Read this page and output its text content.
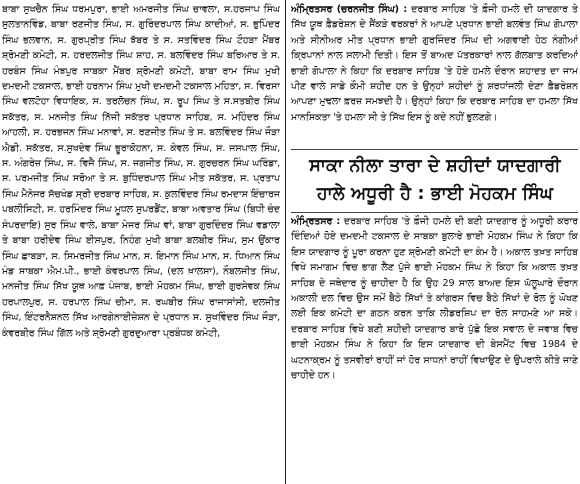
ਬਾਬਾ ਸੁਖਚੈਨ ਸਿੰਘ ਧਰਮਪੁਰਾ, ਭਾਈ ਅਮਰਜੀਤ ਸਿੰਘ ਚਾਵਲਾ, ਸ.ਹਰਜਾਪ ਸਿੰਘ ਸੁਲਤਾਨਵਿੰਡ, ਬਾਬਾ ਰਣਜੀਤ ਸਿੰਘ, ਸ. ਗੁਰਿੰਦਰਪਾਲ ਸਿੰਘ ਕਾਦੀਆਂ, ਸ. ਭੁਪਿੰਦਰ ਸਿੰਘ ਭਲਵਾਨ, ਸ. ਗੁਰਪ੍ਰੀਤ ਸਿੰਘ ਝੱਬਰ ਤੇ ਸ. ਸਤਵਿੰਦਰ ਸਿੰਘ ਟੌਹੜਾ ਮੈਂਬਰ ਸ਼੍ਰੋਮਣੀ ਕਮੇਟੀ, ਸ. ਹਰਦਲਜੀਤ ਸਿੰਘ ਸ਼ਾਹ, ਸ. ਬਲਵਿੰਦਰ ਸਿੰਘ ਬਰਿਆਰ ਤੇ ਸ. ਹਰਬੰਸ ਸਿੰਘ ਮੰਝਪੁਰ ਸਾਬਕਾ ਮੈਂਬਰ ਸ਼੍ਰੋਮਣੀ ਕਮੇਟੀ, ਬਾਬਾ ਰਾਮ ਸਿੰਘ ਮੁਖੀ ਦਮਦਮੀ ਟਕਸਾਲ, ਭਾਈ ਹਰਨਾਮ ਸਿੰਘ ਮੁਖੀ ਦਮਦਮੀ ਟਕਸਾਲ ਮਹਿਤਾ, ਸ. ਵਿਰਸਾ ਸਿੰਘ ਵਲਟੋਹਾ ਵਿਧਾਇਕ, ਸ. ਤਰਲੋਚਨ ਸਿੰਘ, ਸ. ਰੂਪ ਸਿੰਘ ਤੇ ਸ.ਸਤਬੀਰ ਸਿੰਘ ਸਕੱਤਰ, ਸ. ਮਨਜੀਤ ਸਿੰਘ ਨਿੱਜੀ ਸਕੱਤਰ ਪ੍ਰਧਾਨ ਸਾਹਿਬ, ਸ. ਮਹਿੰਦਰ ਸਿੰਘ ਆਹਲੀ, ਸ. ਹਰਭਜਨ ਸਿੰਘ ਮਨਾਵਾਂ, ਸ. ਰਣਜੀਤ ਸਿੰਘ ਤੇ ਸ. ਬਲਵਿੰਦਰ ਸਿੰਘ ਜੌੜਾ ਐਡੀ. ਸਕੱਤਰ, ਸ.ਸੁਖਦੇਵ ਸਿੰਘ ਭੂਰਾਕੋਹਨਾ, ਸ. ਕੇਵਲ ਸਿੰਘ, ਸ. ਜਸਪਾਲ ਸਿੰਘ, ਸ. ਅੰਗਰੇਜ਼ ਸਿੰਘ, ਸ. ਵਿਜੈ ਸਿੰਘ, ਸ. ਜਗਜੀਤ ਸਿੰਘ, ਸ. ਗੁਰਚਰਨ ਸਿੰਘ ਘਰਿੰਡਾ, ਸ. ਪਰਮਜੀਤ ਸਿੰਘ ਸਰੋਆ ਤੇ ਸ. ਬੁਧਿੰਦਰਪਾਲ ਸਿੰਘ ਮੀਤ ਸਕੱਤਰ, ਸ. ਪ੍ਰਤਾਪ ਸਿੰਘ ਮੈਨੇਜਰ ਸੱਚਖੰਡ ਸ੍ਰੀ ਦਰਬਾਰ ਸਾਹਿਬ, ਸ. ਕੁਲਵਿੰਦਰ ਸਿੰਘ ਰਮਦਾਸ ਇੰਚਾਰਜ ਪਬਲੀਸਿਟੀ, ਸ. ਹਰਮਿੰਦਰ ਸਿੰਘ ਮੂਧਲ ਸੁਪਰਡੈਂਟ, ਬਾਬਾ ਅਵਤਾਰ ਸਿੰਘ (ਬਿਧੀ ਚੰਦ ਸੰਪਰਦਾਇ) ਸੁਰ ਸਿੰਘ ਵਾਲੇ, ਬਾਬਾ ਮੇਜਰ ਸਿੰਘ ਵਾਂ, ਬਾਬਾ ਗੁਰਦਿੰਦਰ ਸਿੰਘ ਵਡਾਲਾ ਤੇ ਬਾਬਾ ਹਰੀਦੇਵ ਸਿੰਘ ਈਸਪੁਰ, ਨਿਹੰਗ ਮੁਖੀ ਬਾਬਾ ਬਲਬੀਰ ਸਿੰਘ, ਸੁਮ ਉਂਕਾਰ ਸਿੰਘ ਛਾਬੜਾ, ਸ. ਸਿਮਰਜੀਤ ਸਿੰਘ ਮਾਨ, ਸ. ਇਮਾਨ ਸਿੰਘ ਮਾਨ, ਸ. ਧਿਆਨ ਸਿੰਘ ਮੰਡ ਸਾਬਕਾ ਐਮ.ਪੀ., ਭਾਈ ਕੰਵਰਪਾਲ ਸਿੰਘ, (ਦਲ ਖ਼ਾਲਸਾ), ਨੌਬਲਜੀਤ ਸਿੰਘ, ਮਨਜੀਤ ਸਿੰਘ ਸਿੱਖ ਯੂਥ ਆਫ਼ ਪੰਜਾਬ, ਭਾਈ ਮੋਹਕਮ ਸਿੰਘ, ਭਾਈ ਗੁਰਸੇਵਕ ਸਿੰਘ ਹਰਪਾਲਪੁਰ, ਸ. ਹਰਪਾਲ ਸਿੰਘ ਚੀਮਾ, ਸ. ਰਘਬੀਰ ਸਿੰਘ ਰਾਜਾਸਾਂਸੀ, ਦਲਜੀਤ ਸਿੰਘ, ਇੰਟਰਨੈਸ਼ਨਲ ਸਿੱਖ ਆਰਗੇਨਾਈਜ਼ੇਸ਼ਨ ਦੇ ਪ੍ਰਧਾਨ ਸ. ਸੁਖਵਿੰਦਰ ਸਿੰਘ ਜੌੜਾ, ਕੰਵਰਬੀਰ ਸਿੰਘ ਗਿੱਲ ਅਤੇ ਸ਼੍ਰੋਮਣੀ ਗੁਰਦੁਆਰਾ ਪ੍ਰਬੰਧਕ ਕਮੇਟੀ,

ਅੰਮ੍ਰਿਤਸਰ (ਚਰਨਜੀਤ ਸਿੰਘ) : ਦਰਬਾਰ ਸਾਹਿਬ 'ਤੇ ਫ਼ੌਜੀ ਹਮਲੇ ਦੀ ਯਾਦਗਾਰ ਤੇ ਸਿੱਖ ਯੂਥ ਫ਼ੈਡਰੇਸ਼ਨ ਦੇ ਸੈਂਕੜੇ ਵਰਕਰਾਂ ਨੇ ਆਪਣੇ ਪ੍ਰਧਾਨ ਭਾਈ ਬਲਵੰਤ ਸਿੰਘ ਗੋਪਾਲਾ ਅਤੇ ਸੀਨੀਅਰ ਮੀਤ ਪ੍ਰਧਾਨ ਭਾਈ ਗੁਰਜਿੰਦਰ ਸਿੰਘ ਦੀ ਅਗਵਾਈ ਹੇਠ ਨੰਗੀਆਂ ਕ੍ਰਿਪਾਨਾਂ ਨਾਲ ਸਲਾਮੀ ਦਿਤੀ। ਇਸ ਤੋਂ ਬਾਅਦ ਪੱਤਰਕਾਰਾਂ ਨਾਲ ਗੱਲਬਾਤ ਕਰਦਿਆਂ ਭਾਈ ਗੋਪਾਲਾ ਨੇ ਕਿਹਾ ਕਿ ਦਰਬਾਰ ਸਾਹਿਬ 'ਤੇ ਹੋਏ ਹਮਲੇ ਦੌਰਾਨ ਸ਼ਹਾਦਤ ਦਾ ਜਾਮ ਪੀਣ ਵਾਲੇ ਸਾਡੇ ਕੌਮੀ ਸ਼ਹੀਦ ਹਨ ਤੇ ਉਨ੍ਹਾਂ ਸ਼ਹੀਦਾਂ ਨੂੰ ਸ਼ਰਧਾਂਜਲੀ ਦੇਣਾ ਫ਼ੈਡਰੇਸ਼ਨ ਆਪਣਾ ਮੁਢਲਾ ਫ਼ਰਜ਼ ਸਮਝਦੀ ਹੈ। ਉਨ੍ਹਾਂ ਕਿਹਾ ਕਿ ਦਰਬਾਰ ਸਾਹਿਬ ਦਾ ਹਮਲਾ ਸਿੱਖ ਮਾਨਸਿਕਤਾ 'ਤੇ ਹਮਲਾ ਸੀ ਤੇ ਸਿੱਖ ਇਸ ਨੂੰ ਕਦੇ ਨਹੀਂ ਭੁਲਣਗੇ।

ਸਾਕਾ ਨੀਲਾ ਤਾਰਾ ਦੇ ਸ਼ਹੀਦਾਂ ਯਾਦਗਾਰੀ
ਹਾਲੇ ਅਧੂਰੀ ਹੈ : ਭਾਈ ਮੋਹਕਮ ਸਿੰਘ

ਅੰਮ੍ਰਿਤਸਰ : ਦਰਬਾਰ ਸਾਹਿਬ 'ਤੇ ਫ਼ੌਜੀ ਹਮਲੇ ਦੀ ਬਣੀ ਯਾਦਗਾਰ ਨੂੰ ਅਧੂਰੀ ਕਰਾਰ ਦਿੰਦਿਆਂ ਹੋਏ ਦਮਦਮੀ ਟਕਸਾਲ ਦੇ ਸਾਬਕਾ ਬੁਲਾਰੇ ਭਾਈ ਮੋਹਕਮ ਸਿੰਘ ਨੇ ਕਿਹਾ ਕਿ ਇਸ ਯਾਦਗਾਰ ਨੂੰ ਪੂਰਾ ਕਰਨਾ ਹੁਣ ਸ਼੍ਰੋਮਣੀ ਕਮੇਟੀ ਦਾ ਕੰਮ ਹੈ। ਅਕਾਲ ਤਖ਼ਤ ਸਾਹਿਬ ਵਿਖੇ ਸਮਾਗਮ ਵਿਚ ਭਾਗ ਲੈਣ ਪੁੱਜੇ ਭਾਈ ਮੋਹਕਮ ਸਿੰਘ ਨੇ ਕਿਹਾ ਕਿ ਅਕਾਲ ਤਖ਼ਤ ਸਾਹਿਬ ਦੇ ਜਥੇਦਾਰ ਨੂੰ ਚਾਹੀਦਾ ਹੈ ਕਿ ਉਹ 29 ਸਾਲ ਬਾਅਦ ਇਸ ਘੱਲੂਘਾਰੇ ਦੌਰਾਨ ਅਕਾਲੀ ਦਲ ਵਿਚ ਉਸ ਸਮੇਂ ਬੈਠੇ ਸਿੱਖਾਂ ਤੇ ਕਾਂਗਰਸ ਵਿਚ ਬੈਠੇ ਸਿੱਖਾਂ ਦੇ ਰੋਲ ਨੂੰ ਘੋਖਣ ਲਈ ਇਕ ਕਮੇਟੀ ਦਾ ਗਠਨ ਕਰਨ ਤਾਕਿ ਲੀਡਰਸ਼ਿਪ ਦਾ ਰੋਲ ਸਾਹਮਣੇ ਆ ਸਕੇ। ਦਰਬਾਰ ਸਾਹਿਬ ਵਿਖੇ ਬਣੀ ਸ਼ਹੀਦੀ ਯਾਦਗਾਰ ਬਾਰੇ ਪੁੱਛੇ ਇਕ ਸਵਾਲ ਦੇ ਜਵਾਬ ਵਿਚ ਭਾਈ ਮੋਹਕਮ ਸਿੰਘ ਨੇ ਕਿਹਾ ਕਿ ਇਸ ਯਾਦਗਾਰ ਦੀ ਬੇਸਮੈਂਟ ਵਿਚ 1984 ਦੇ ਘਟਨਾਕ੍ਰਮ ਨੂੰ ਤਸਵੀਰਾਂ ਰਾਹੀਂ ਜਾਂ ਹੋਰ ਸਾਧਨਾਂ ਰਾਹੀਂ ਵਿਖਾਉਣ ਦੇ ਉਪਰਾਲੇ ਕੀਤੇ ਜਾਣੇ ਚਾਹੀਦੇ ਹਨ।
